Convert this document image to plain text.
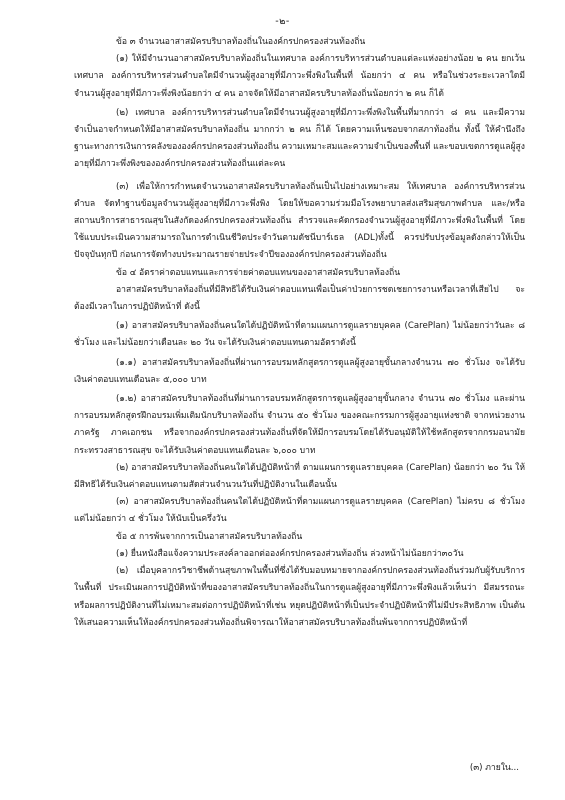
-๒-

ข้อ ๓ จำนวนอาสาสมัครบริบาลท้องถิ่นในองค์กรปกครองส่วนท้องถิ่น

(๑) ให้มีจำนวนอาสาสมัครบริบาลท้องถิ่นในเทศบาล องค์การบริหารส่วนตำบลแต่ละแห่งอย่างน้อย ๒ คน ยกเว้นเทศบาล องค์การบริหารส่วนตำบลใดมีจำนวนผู้สูงอายุที่มีภาวะพึ่งพิงในพื้นที่ น้อยกว่า ๔ คน หรือในช่วงระยะเวลาใดมีจำนวนผู้สูงอายุที่มีภาวะพึ่งพิงน้อยกว่า ๔ คน อาจจัดให้มีอาสาสมัครบริบาลท้องถิ่นน้อยกว่า ๒ คน ก็ได้

(๒) เทศบาล องค์การบริหารส่วนตำบลใดมีจำนวนผู้สูงอายุที่มีภาวะพึ่งพิงในพื้นที่มากกว่า ๘ คน และมีความจำเป็นอาจกำหนดให้มีอาสาสมัครบริบาลท้องถิ่น มากกว่า ๒ คน ก็ได้ โดยความเห็นชอบจากสภาท้องถิ่น ทั้งนี้ ให้คำนึงถึงฐานะทางการเงินการคลังขององค์กรปกครองส่วนท้องถิ่น ความเหมาะสมและความจำเป็นของพื้นที่ และขอบเขตการดูแลผู้สูงอายุที่มีภาวะพึ่งพิงขององค์กรปกครองส่วนท้องถิ่นแต่ละคน

(๓) เพื่อให้การกำหนดจำนวนอาสาสมัครบริบาลท้องถิ่นเป็นไปอย่างเหมาะสม ให้เทศบาล องค์การบริหารส่วนตำบล จัดทำฐานข้อมูลจำนวนผู้สูงอายุที่มีภาวะพึ่งพิง โดยให้ขอความร่วมมือโรงพยาบาลส่งเสริมสุขภาพตำบล และ/หรือสถานบริการสาธารณสุขในสังกัดองค์กรปกครองส่วนท้องถิ่น สำรวจและคัดกรองจำนวนผู้สูงอายุที่มีภาวะพึ่งพิงในพื้นที่ โดยใช้แบบประเมินความสามารถในการดำเนินชีวิตประจำวันตามดัชนีบาร์เธล (ADL)ทั้งนี้ ควรปรับปรุงข้อมูลดังกล่าวให้เป็นปัจจุบันทุกปี ก่อนการจัดทำงบประมาณรายจ่ายประจำปีขององค์กรปกครองส่วนท้องถิ่น

ข้อ ๔ อัตราค่าตอบแทนและการจ่ายค่าตอบแทนของอาสาสมัครบริบาลท้องถิ่น

อาสาสมัครบริบาลท้องถิ่นที่มีสิทธิได้รับเงินค่าตอบแทนเพื่อเป็นค่าป่วยการชดเชยการงานหรือเวลาที่เสียไป จะต้องมีเวลาในการปฏิบัติหน้าที่ ดังนี้

(๑) อาสาสมัครบริบาลท้องถิ่นคนใดได้ปฏิบัติหน้าที่ตามแผนการดูแลรายบุคคล (CarePlan) ไม่น้อยกว่าวันละ ๘ ชั่วโมง และไม่น้อยกว่าเดือนละ ๒๐ วัน จะได้รับเงินค่าตอบแทนตามอัตราดังนี้

(๑.๑) อาสาสมัครบริบาลท้องถิ่นที่ผ่านการอบรมหลักสูตรการดูแลผู้สูงอายุขั้นกลางจำนวน ๗๐ ชั่วโมง จะได้รับเงินค่าตอบแทนเดือนละ ๕,๐๐๐ บาท

(๑.๒) อาสาสมัครบริบาลท้องถิ่นที่ผ่านการอบรมหลักสูตรการดูแลผู้สูงอายุขั้นกลาง จำนวน ๗๐ ชั่วโมง และผ่านการอบรมหลักสูตรฝึกอบรมเพิ่มเติมนักบริบาลท้องถิ่น จำนวน ๕๐ ชั่วโมง ของคณะกรรมการผู้สูงอายุแห่งชาติ จากหน่วยงานภาครัฐ ภาคเอกชน หรือจากองค์กรปกครองส่วนท้องถิ่นที่จัดให้มีการอบรมโดยได้รับอนุมัติให้ใช้หลักสูตรจากกรมอนามัย กระทรวงสาธารณสุข จะได้รับเงินค่าตอบแทนเดือนละ ๖,๐๐๐ บาท

(๒) อาสาสมัครบริบาลท้องถิ่นคนใดได้ปฏิบัติหน้าที่ ตามแผนการดูแลรายบุคคล (CarePlan) น้อยกว่า ๒๐ วัน ให้มีสิทธิได้รับเงินค่าตอบแทนตามสัดส่วนจำนวนวันที่ปฏิบัติงานในเดือนนั้น

(๓) อาสาสมัครบริบาลท้องถิ่นคนใดได้ปฏิบัติหน้าที่ตามแผนการดูแลรายบุคคล (CarePlan) ไม่ครบ ๘ ชั่วโมง แต่ไม่น้อยกว่า ๔ ชั่วโมง ให้นับเป็นครึ่งวัน

ข้อ ๕ การพ้นจากการเป็นอาสาสมัครบริบาลท้องถิ่น

(๑) ยื่นหนังสือแจ้งความประสงค์ลาออกต่อองค์กรปกครองส่วนท้องถิ่น ล่วงหน้าไม่น้อยกว่า๓๐วัน

(๒) เมื่อบุคลากรวิชาชีพด้านสุขภาพในพื้นที่ซึ่งได้รับมอบหมายจากองค์กรปกครองส่วนท้องถิ่นร่วมกับผู้รับบริการในพื้นที่ ประเมินผลการปฏิบัติหน้าที่ของอาสาสมัครบริบาลท้องถิ่นในการดูแลผู้สูงอายุที่มีภาวะพึ่งพิงแล้วเห็นว่า มีสมรรถนะหรือผลการปฏิบัติงานที่ไม่เหมาะสมต่อการปฏิบัติหน้าที่เช่น หยุดปฏิบัติหน้าที่เป็นประจำปฏิบัติหน้าที่ไม่มีประสิทธิภาพ เป็นต้น ให้เสนอความเห็นให้องค์กรปกครองส่วนท้องถิ่นพิจารณาให้อาสาสมัครบริบาลท้องถิ่นพ้นจากการปฏิบัติหน้าที่

(๓) ภายใน...
